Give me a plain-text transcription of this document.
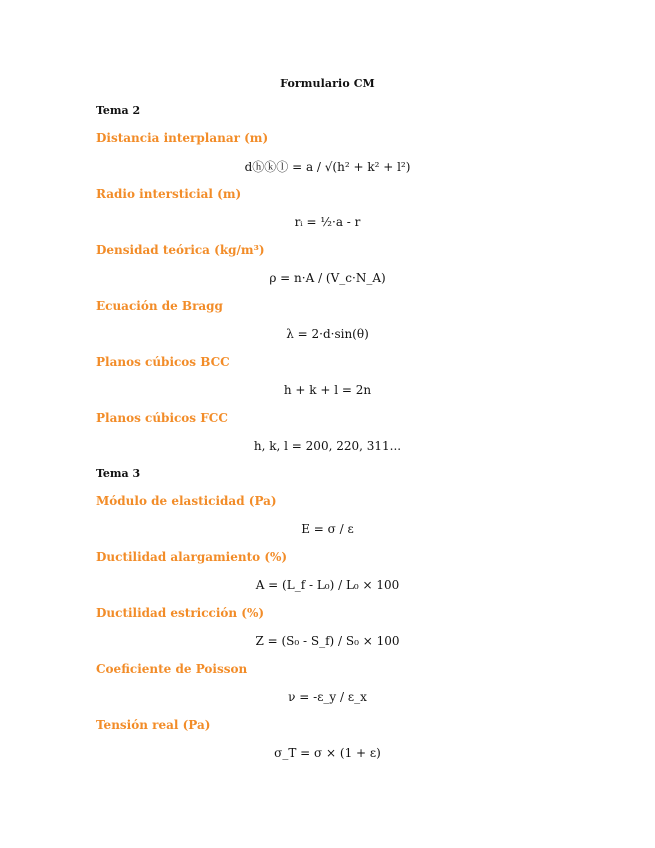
Formulario CM
Tema 2
Distancia interplanar (m)
dⓗⓚⓛ = a / √(h² + k² + l²)
Radio intersticial (m)
rᵢ = ½·a - r
Densidad teórica (kg/m³)
ρ = n·A / (V_c·N_A)
Ecuación de Bragg
λ = 2·d·sin(θ)
Planos cúbicos BCC
h + k + l = 2n
Planos cúbicos FCC
h, k, l = 200, 220, 311...
Tema 3
Módulo de elasticidad (Pa)
E = σ / ε
Ductilidad alargamiento (%)
A = (L_f - L₀) / L₀ × 100
Ductilidad estricción (%)
Z = (S₀ - S_f) / S₀ × 100
Coeficiente de Poisson
ν = -ε_y / ε_x
Tensión real (Pa)
σ_T = σ × (1 + ε)
